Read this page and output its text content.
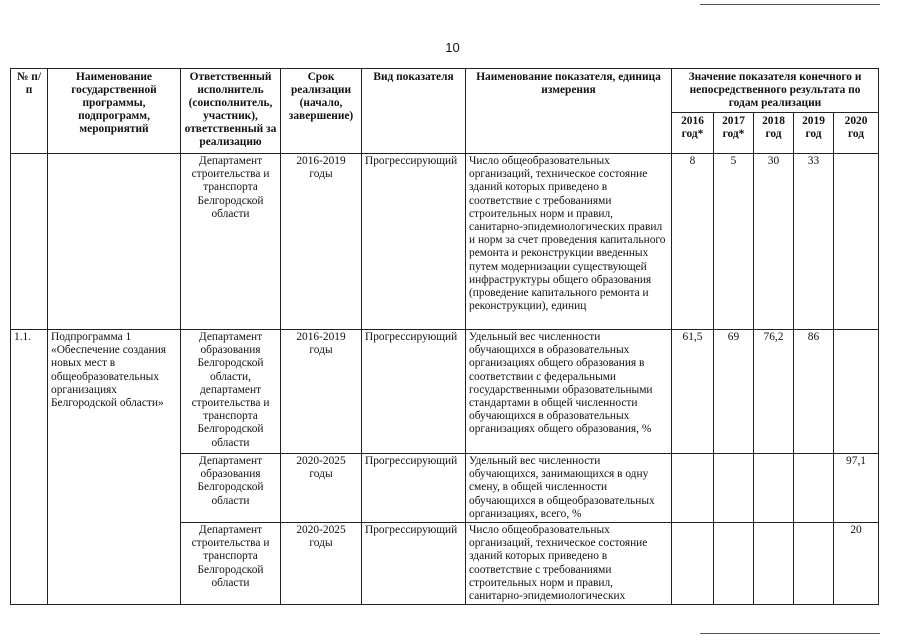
10
№ п/п	Наименование государственной программы, подпрограмм, мероприятий	Ответственный исполнитель (соисполнитель, участник), ответственный за реализацию	Срок реализации (начало, завершение)	Вид показателя	Наименование показателя, единица измерения	Значение показателя конечного и непосредственного результата по годам реализации				
						2016 год*	2017 год*	2018 год	2019 год	2020 год
		Департамент строительства и транспорта Белгородской области	2016-2019 годы	Прогрессирующий	Число общеобразовательных организаций, техническое состояние зданий которых приведено в соответствие с требованиями строительных норм и правил, санитарно-эпидемиологических правил и норм за счет проведения капитального ремонта и реконструкции введенных путем модернизации существующей инфраструктуры общего образования (проведение капитального ремонта и реконструкции), единиц	8	5	30	33	
1.1.	Подпрограмма 1 «Обеспечение создания новых мест в общеобразовательных организациях Белгородской области»	Департамент образования Белгородской области, департамент строительства и транспорта Белгородской области	2016-2019 годы	Прогрессирующий	Удельный вес численности обучающихся в образовательных организациях общего образования в соответствии с федеральными государственными образовательными стандартами в общей численности обучающихся в образовательных организациях общего образования, %	61,5	69	76,2	86	
		Департамент образования Белгородской области	2020-2025 годы	Прогрессирующий	Удельный вес численности обучающихся, занимающихся в одну смену, в общей численности обучающихся в общеобразовательных организациях, всего, %					97,1
		Департамент строительства и транспорта Белгородской области	2020-2025 годы	Прогрессирующий	Число общеобразовательных организаций, техническое состояние зданий которых приведено в соответствие с требованиями строительных норм и правил, санитарно-эпидемиологических					20
